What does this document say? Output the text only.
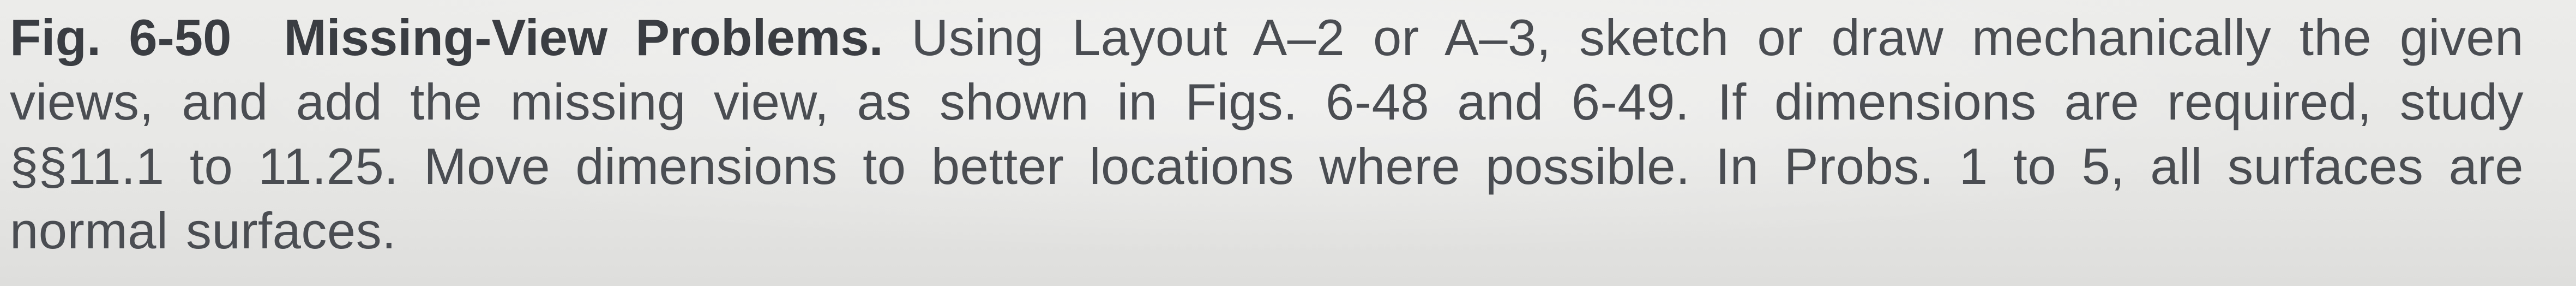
Fig. 6-50 Missing-View Problems. Using Layout A–2 or A–3, sketch or draw mechanically the given views, and add the missing view, as shown in Figs. 6-48 and 6-49. If dimensions are required, study §§11.1 to 11.25. Move dimensions to better locations where possible. In Probs. 1 to 5, all surfaces are normal surfaces.
